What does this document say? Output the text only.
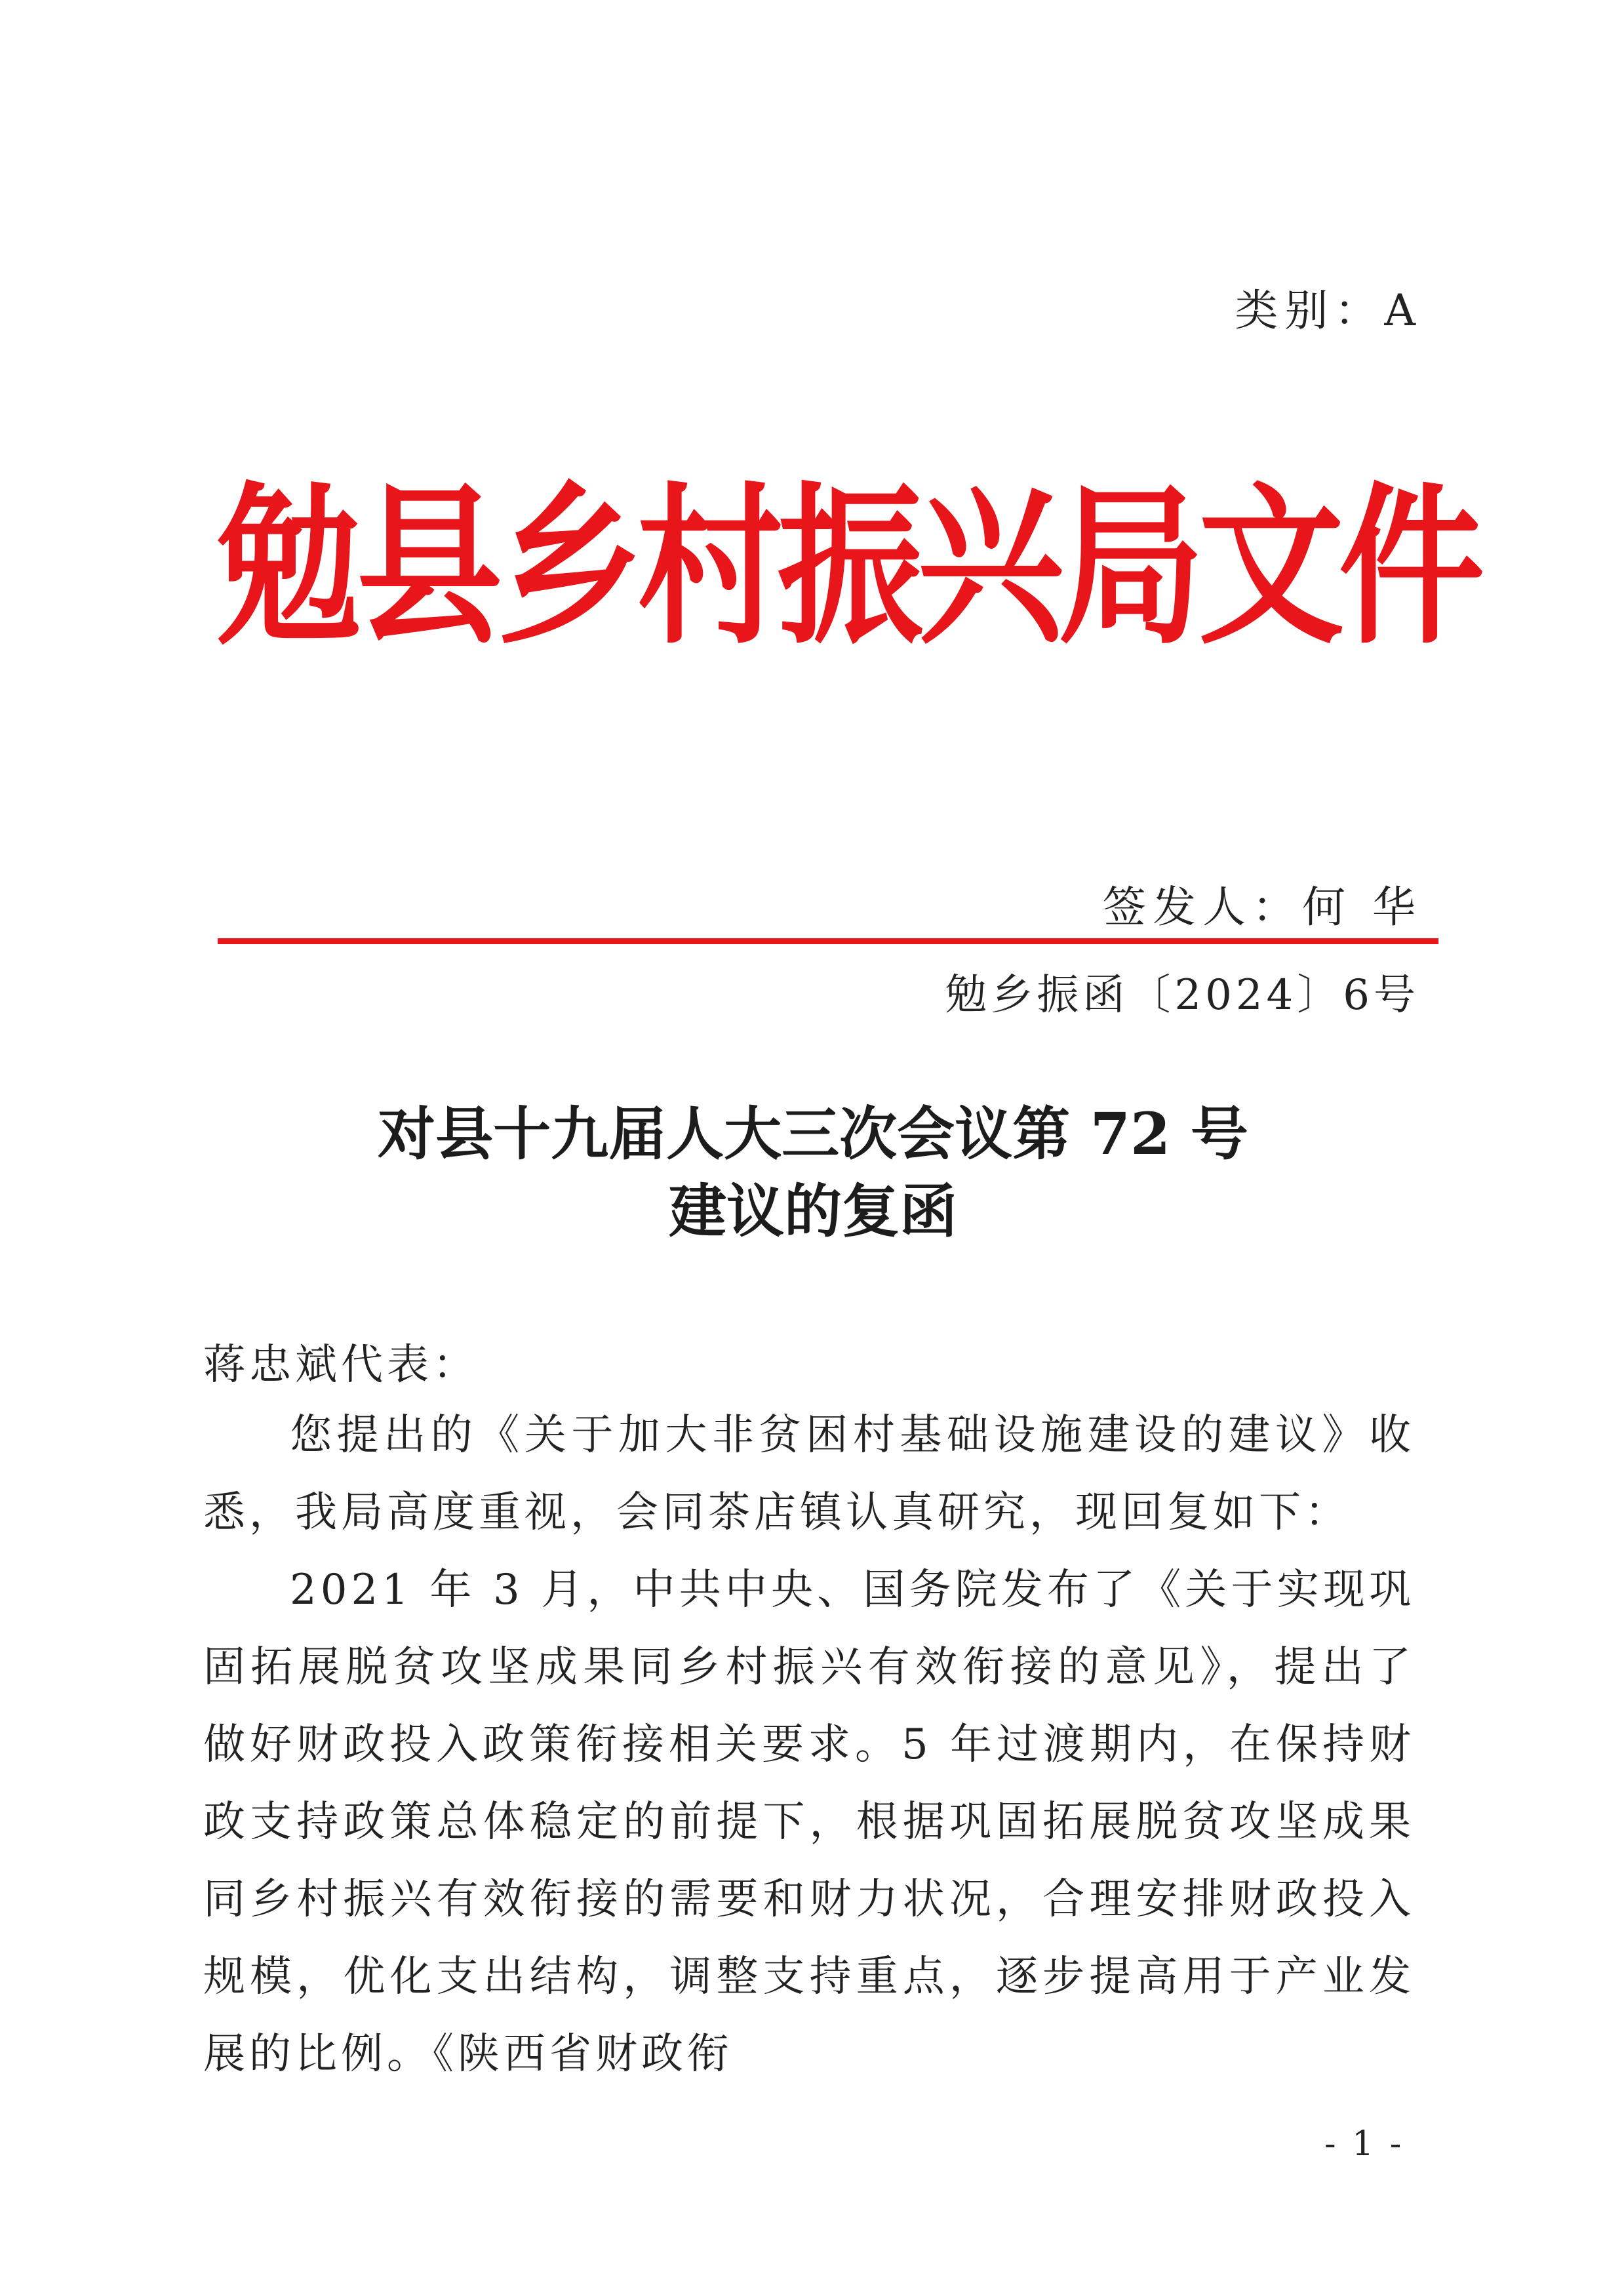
类别：A
勉县乡村振兴局文件
签发人：何 华
勉乡振函〔2024〕6号
对县十九届人大三次会议第 72 号
建议的复函
蒋忠斌代表：

您提出的《关于加大非贫困村基础设施建设的建议》收悉，我局高度重视，会同茶店镇认真研究，现回复如下：

2021 年 3 月，中共中央、国务院发布了《关于实现巩固拓展脱贫攻坚成果同乡村振兴有效衔接的意见》，提出了做好财政投入政策衔接相关要求。5 年过渡期内，在保持财政支持政策总体稳定的前提下，根据巩固拓展脱贫攻坚成果同乡村振兴有效衔接的需要和财力状况，合理安排财政投入规模，优化支出结构，调整支持重点，逐步提高用于产业发展的比例。《陕西省财政衔

- 1 -
